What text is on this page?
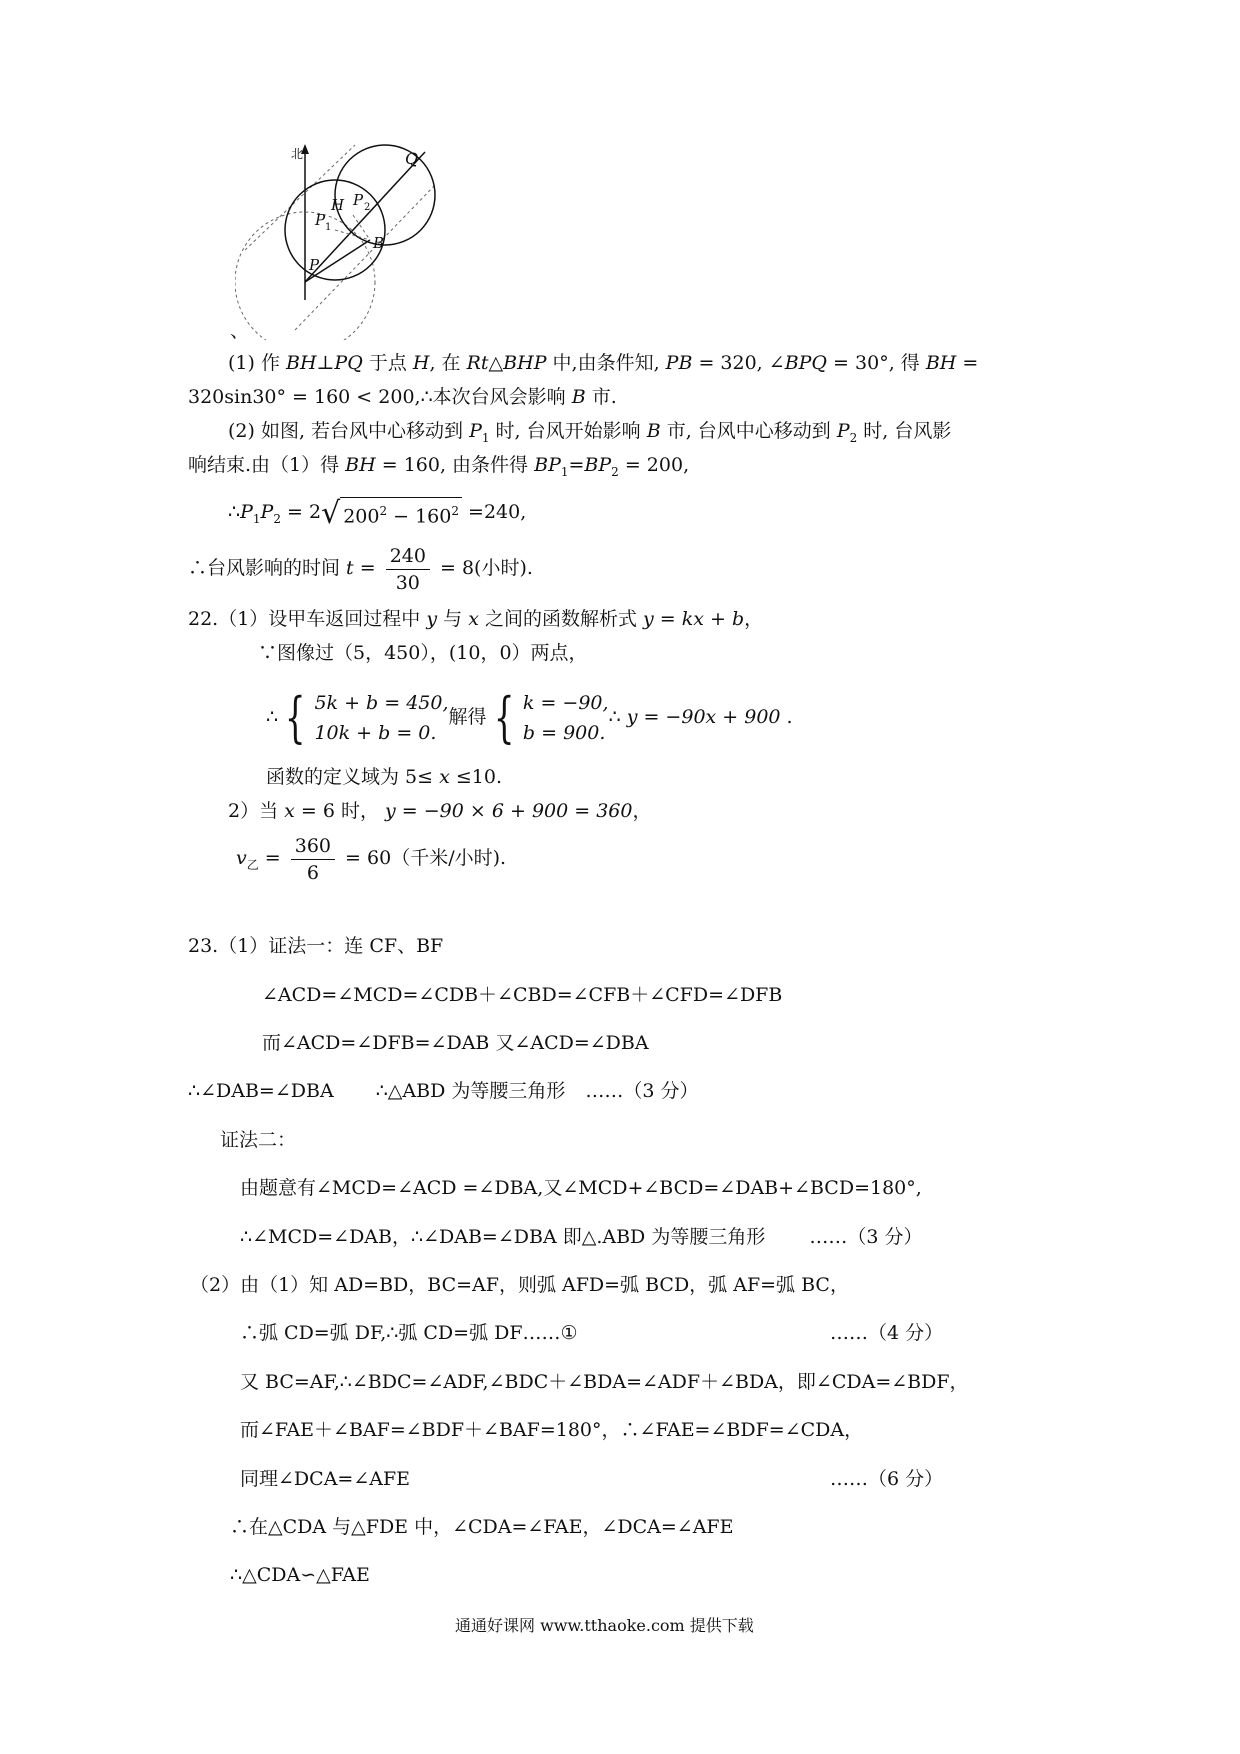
北	Q
H P 2
P 1
B
P
、
(1) 作 BH⊥PQ 于点 H, 在 Rt△BHP 中,由条件知, PB = 320, ∠BPQ = 30°, 得 BH =
320sin30° = 160 < 200,∴本次台风会影响 B 市.
(2) 如图, 若台风中心移动到 $P_1$ 时, 台风开始影响 B 市, 台风中心移动到 $P_2$ 时, 台风影
响结束.由（1）得 BH = 160, 由条件得 $BP_1=BP_2 = 200$,
$\therefore P_1P_2 = 2$ √ $200^2 - 160^2 =240$,
∴台风影响的时间 $t = \frac{240}{30} = 8$(小时).
22.（1）设甲车返回过程中 y 与 x 之间的函数解析式 y = kx + b，
∵图像过（5，450），(10，0）两点，
∴ { 5k + b = 450,
10k + b = 0.
解得 { k = −90,
b = 900.
∴ y = −90x + 900 .
函数的定义域为 5≤ x ≤10.
2）当 x = 6 时， y = −90 × 6 + 900 = 360，
$v_乙 = \frac{360}{6} = 60$（千米/小时).
23.（1）证法一：连 CF、BF
∠ACD=∠MCD=∠CDB＋∠CBD=∠CFB＋∠CFD=∠DFB
而∠ACD=∠DFB=∠DAB 又∠ACD=∠DBA
∴∠DAB=∠DBA ∴△ABD 为等腰三角形 ……（3 分）
证法二：
由题意有∠MCD=∠ACD =∠DBA,又∠MCD+∠BCD=∠DAB+∠BCD=180°,
∴∠MCD=∠DAB，∴∠DAB=∠DBA 即△.ABD 为等腰三角形 ……（3 分）
（2）由（1）知 AD=BD，BC=AF，则弧 AFD=弧 BCD，弧 AF=弧 BC，
∴弧 CD=弧 DF,∴弧 CD=弧 DF……①	……（4 分）
又 BC=AF,∴∠BDC=∠ADF,∠BDC＋∠BDA=∠ADF＋∠BDA，即∠CDA=∠BDF，
而∠FAE＋∠BAF=∠BDF＋∠BAF=180°，∴∠FAE=∠BDF=∠CDA，
同理∠DCA=∠AFE	……（6 分）
∴在△CDA 与△FDE 中，∠CDA=∠FAE，∠DCA=∠AFE
∴△CDA∽△FAE
通通好课网 www.tthaoke.com 提供下载
